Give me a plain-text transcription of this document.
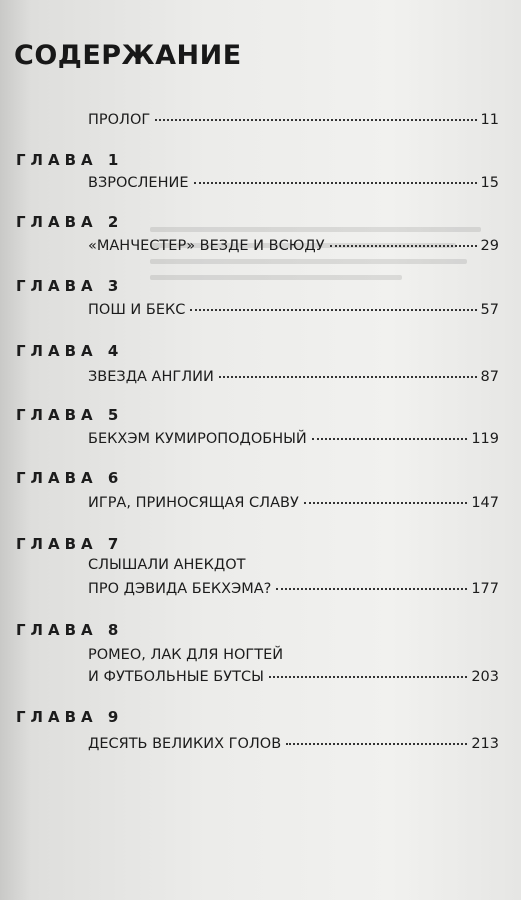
СОДЕРЖАНИЕ
ПРОЛОГ	11
ГЛАВА 1
ВЗРОСЛЕНИЕ	15
ГЛАВА 2
«МАНЧЕСТЕР» ВЕЗДЕ И ВСЮДУ	29
ГЛАВА 3
ПОШ И БЕКС	57
ГЛАВА 4
ЗВЕЗДА АНГЛИИ	87
ГЛАВА 5
БЕКХЭМ КУМИРОПОДОБНЫЙ	119
ГЛАВА 6
ИГРА, ПРИНОСЯЩАЯ СЛАВУ	147
ГЛАВА 7
СЛЫШАЛИ АНЕКДОТ
ПРО ДЭВИДА БЕКХЭМА?	177
ГЛАВА 8
РОМЕО, ЛАК ДЛЯ НОГТЕЙ
И ФУТБОЛЬНЫЕ БУТСЫ	203
ГЛАВА 9
ДЕСЯТЬ ВЕЛИКИХ ГОЛОВ	213
